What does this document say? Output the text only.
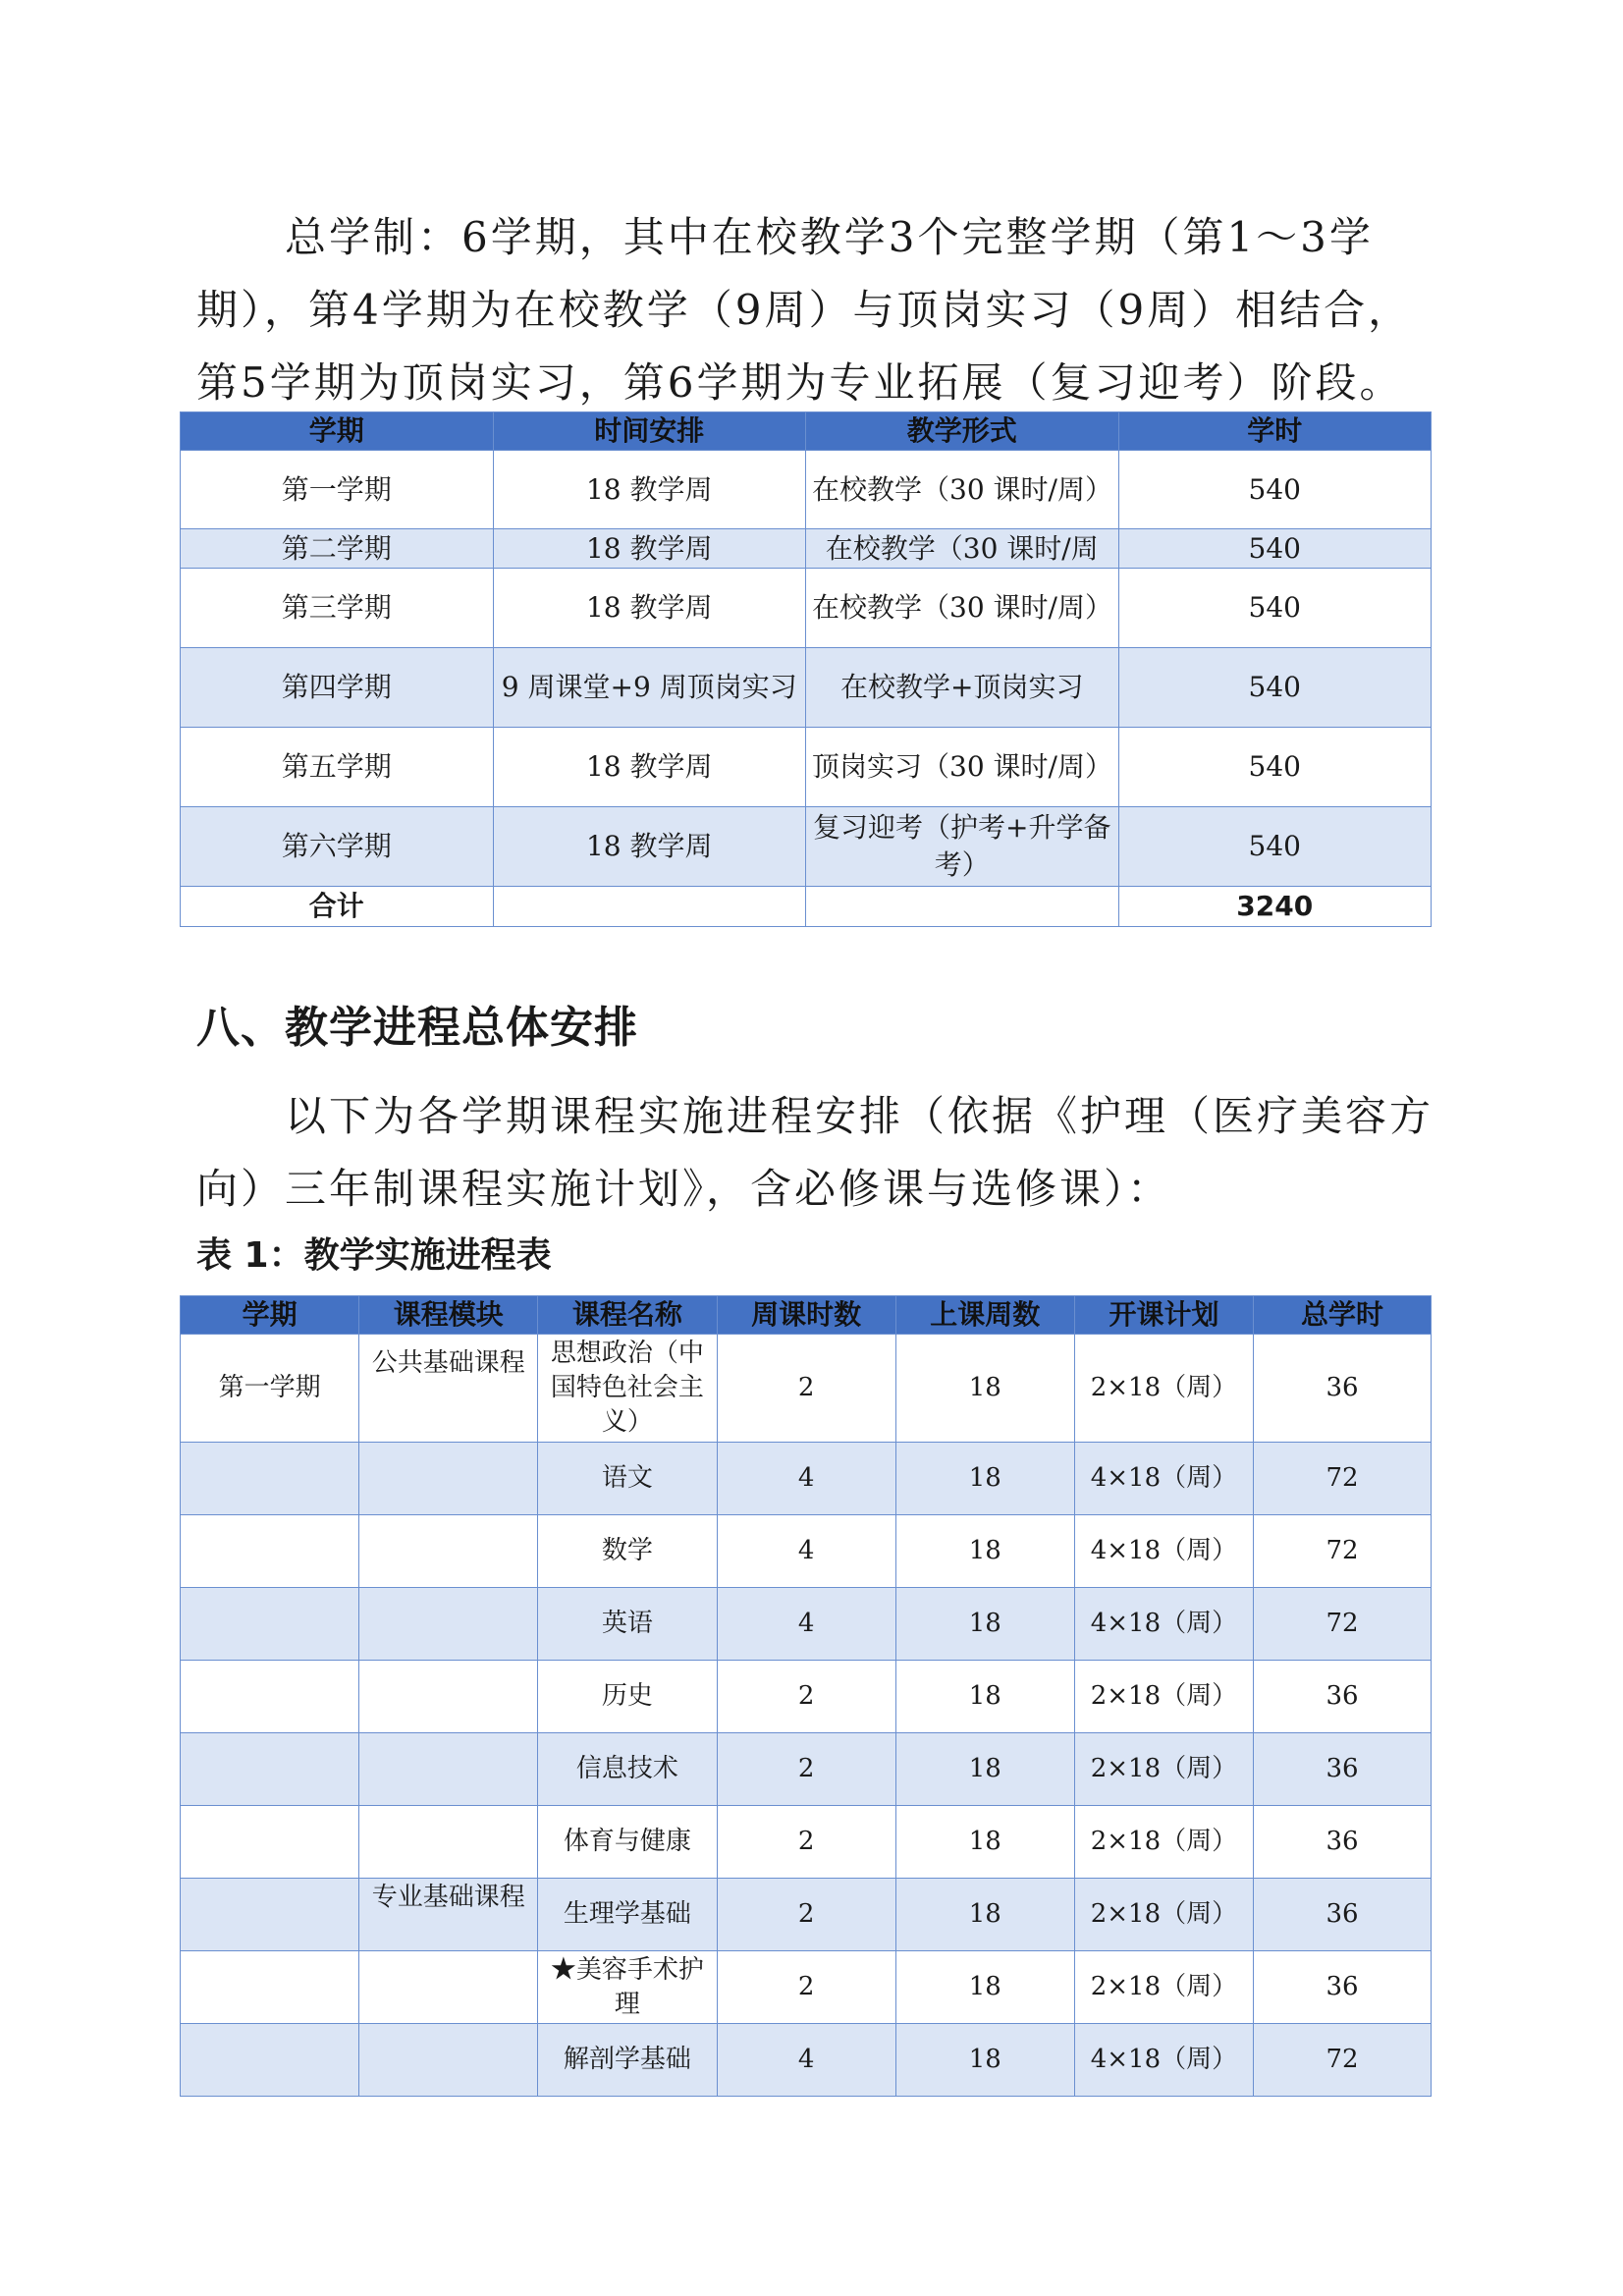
总学制：6学期，其中在校教学3个完整学期（第1～3学期），第4学期为在校教学（9周）与顶岗实习（9周）相结合，第5学期为顶岗实习，第6学期为专业拓展（复习迎考）阶段。

学期	时间安排	教学形式	学时
第一学期	18 教学周	在校教学（30 课时/周）	540
第二学期	18 教学周	在校教学（30 课时/周	540
第三学期	18 教学周	在校教学（30 课时/周）	540
第四学期	9 周课堂+9 周顶岗实习	在校教学+顶岗实习	540
第五学期	18 教学周	顶岗实习（30 课时/周）	540
第六学期	18 教学周	复习迎考（护考+升学备考）	540
合计			3240
八、教学进程总体安排

以下为各学期课程实施进程安排（依据《护理（医疗美容方向）三年制课程实施计划》，含必修课与选修课）：

表 1：教学实施进程表

学期	课程模块	课程名称	周课时数	上课周数	开课计划	总学时
第一学期	公共基础课程	思想政治（中国特色社会主义）	2	18	2×18（周）	36
		语文	4	18	4×18（周）	72
		数学	4	18	4×18（周）	72
		英语	4	18	4×18（周）	72
		历史	2	18	2×18（周）	36
		信息技术	2	18	2×18（周）	36
		体育与健康	2	18	2×18（周）	36
	专业基础课程	生理学基础	2	18	2×18（周）	36
		★美容手术护理	2	18	2×18（周）	36
		解剖学基础	4	18	4×18（周）	72
